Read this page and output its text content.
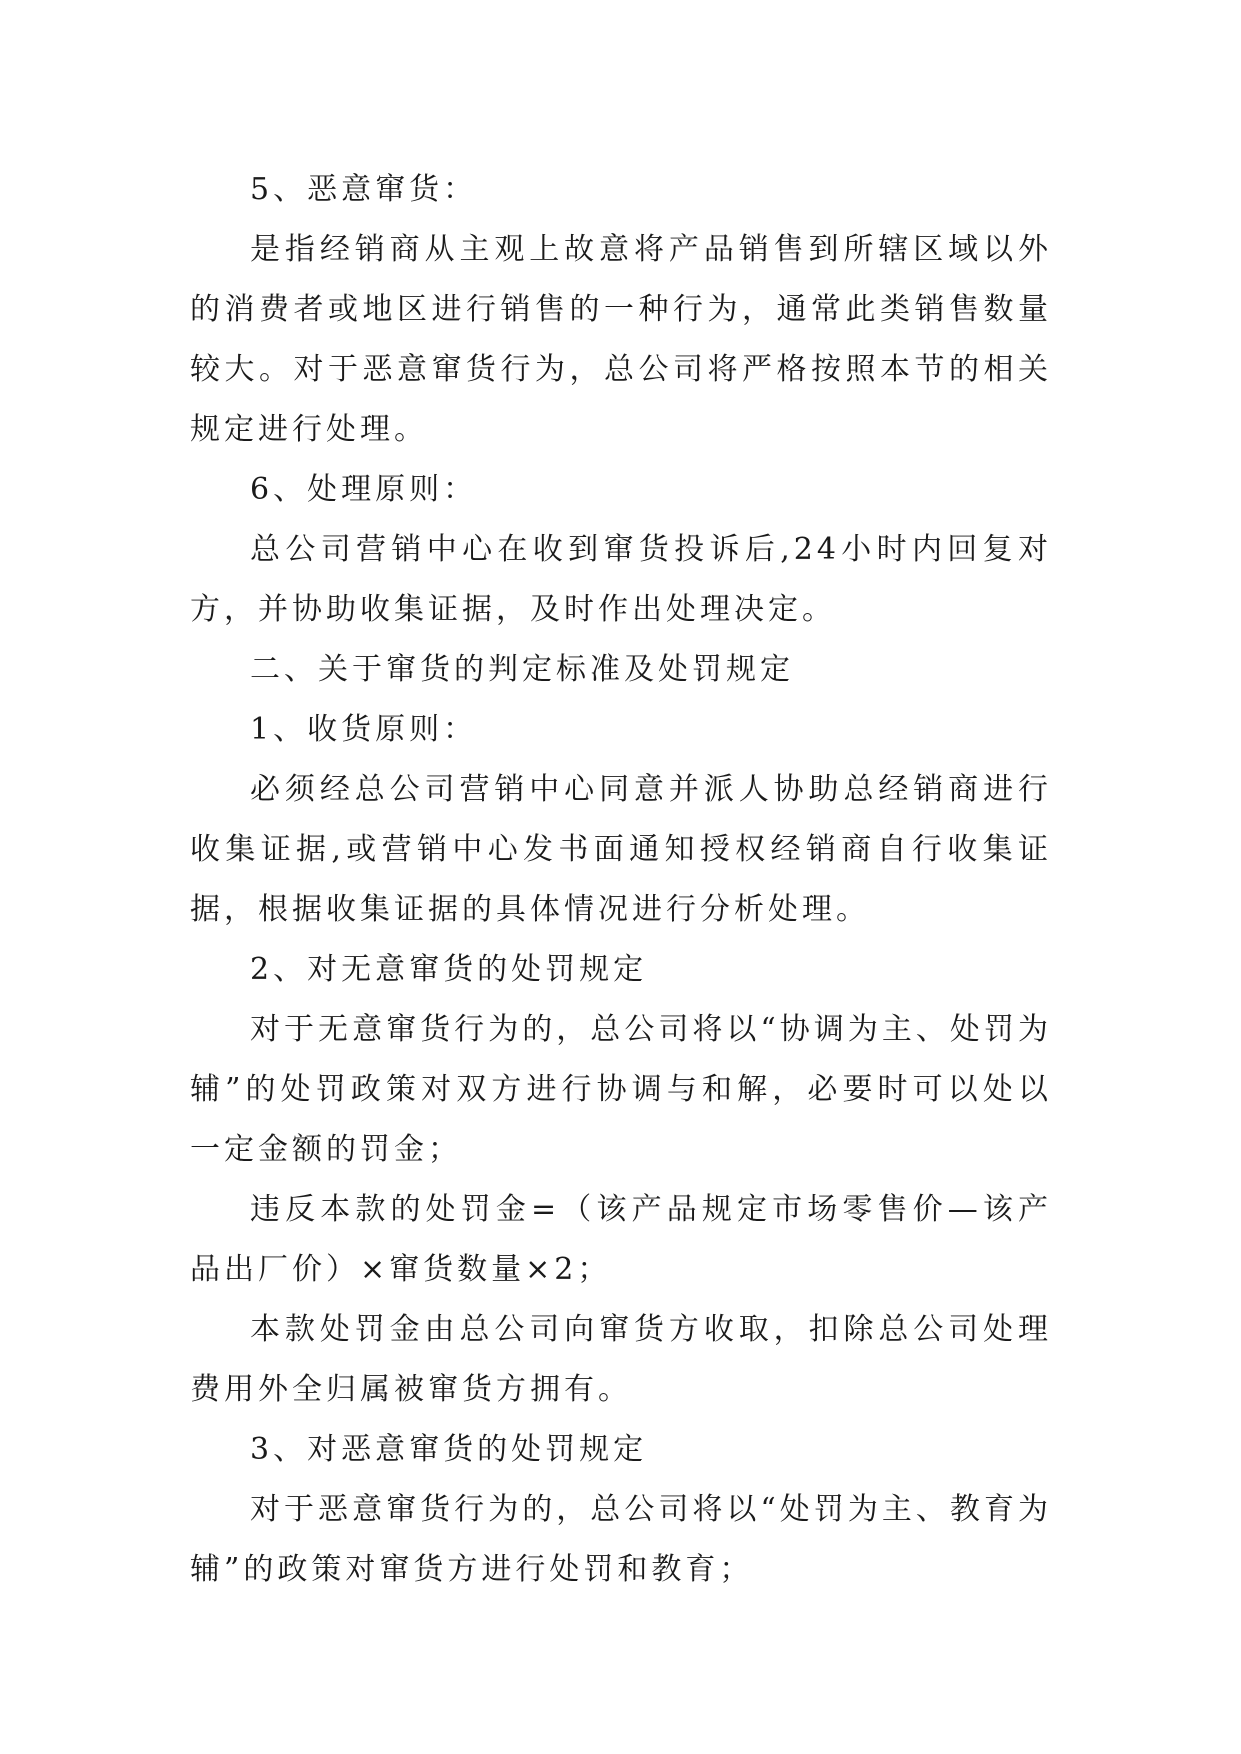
5、恶意窜货：

是指经销商从主观上故意将产品销售到所辖区域以外的消费者或地区进行销售的一种行为，通常此类销售数量较大。对于恶意窜货行为，总公司将严格按照本节的相关规定进行处理。

6、处理原则：

总公司营销中心在收到窜货投诉后,24小时内回复对方，并协助收集证据，及时作出处理决定。

二、关于窜货的判定标准及处罚规定

1、收货原则：

必须经总公司营销中心同意并派人协助总经销商进行收集证据,或营销中心发书面通知授权经销商自行收集证据，根据收集证据的具体情况进行分析处理。

2、对无意窜货的处罚规定

对于无意窜货行为的，总公司将以“协调为主、处罚为辅”的处罚政策对双方进行协调与和解，必要时可以处以一定金额的罚金；

违反本款的处罚金=（该产品规定市场零售价—该产品出厂价）×窜货数量×2；

本款处罚金由总公司向窜货方收取，扣除总公司处理费用外全归属被窜货方拥有。

3、对恶意窜货的处罚规定

对于恶意窜货行为的，总公司将以“处罚为主、教育为辅”的政策对窜货方进行处罚和教育；
